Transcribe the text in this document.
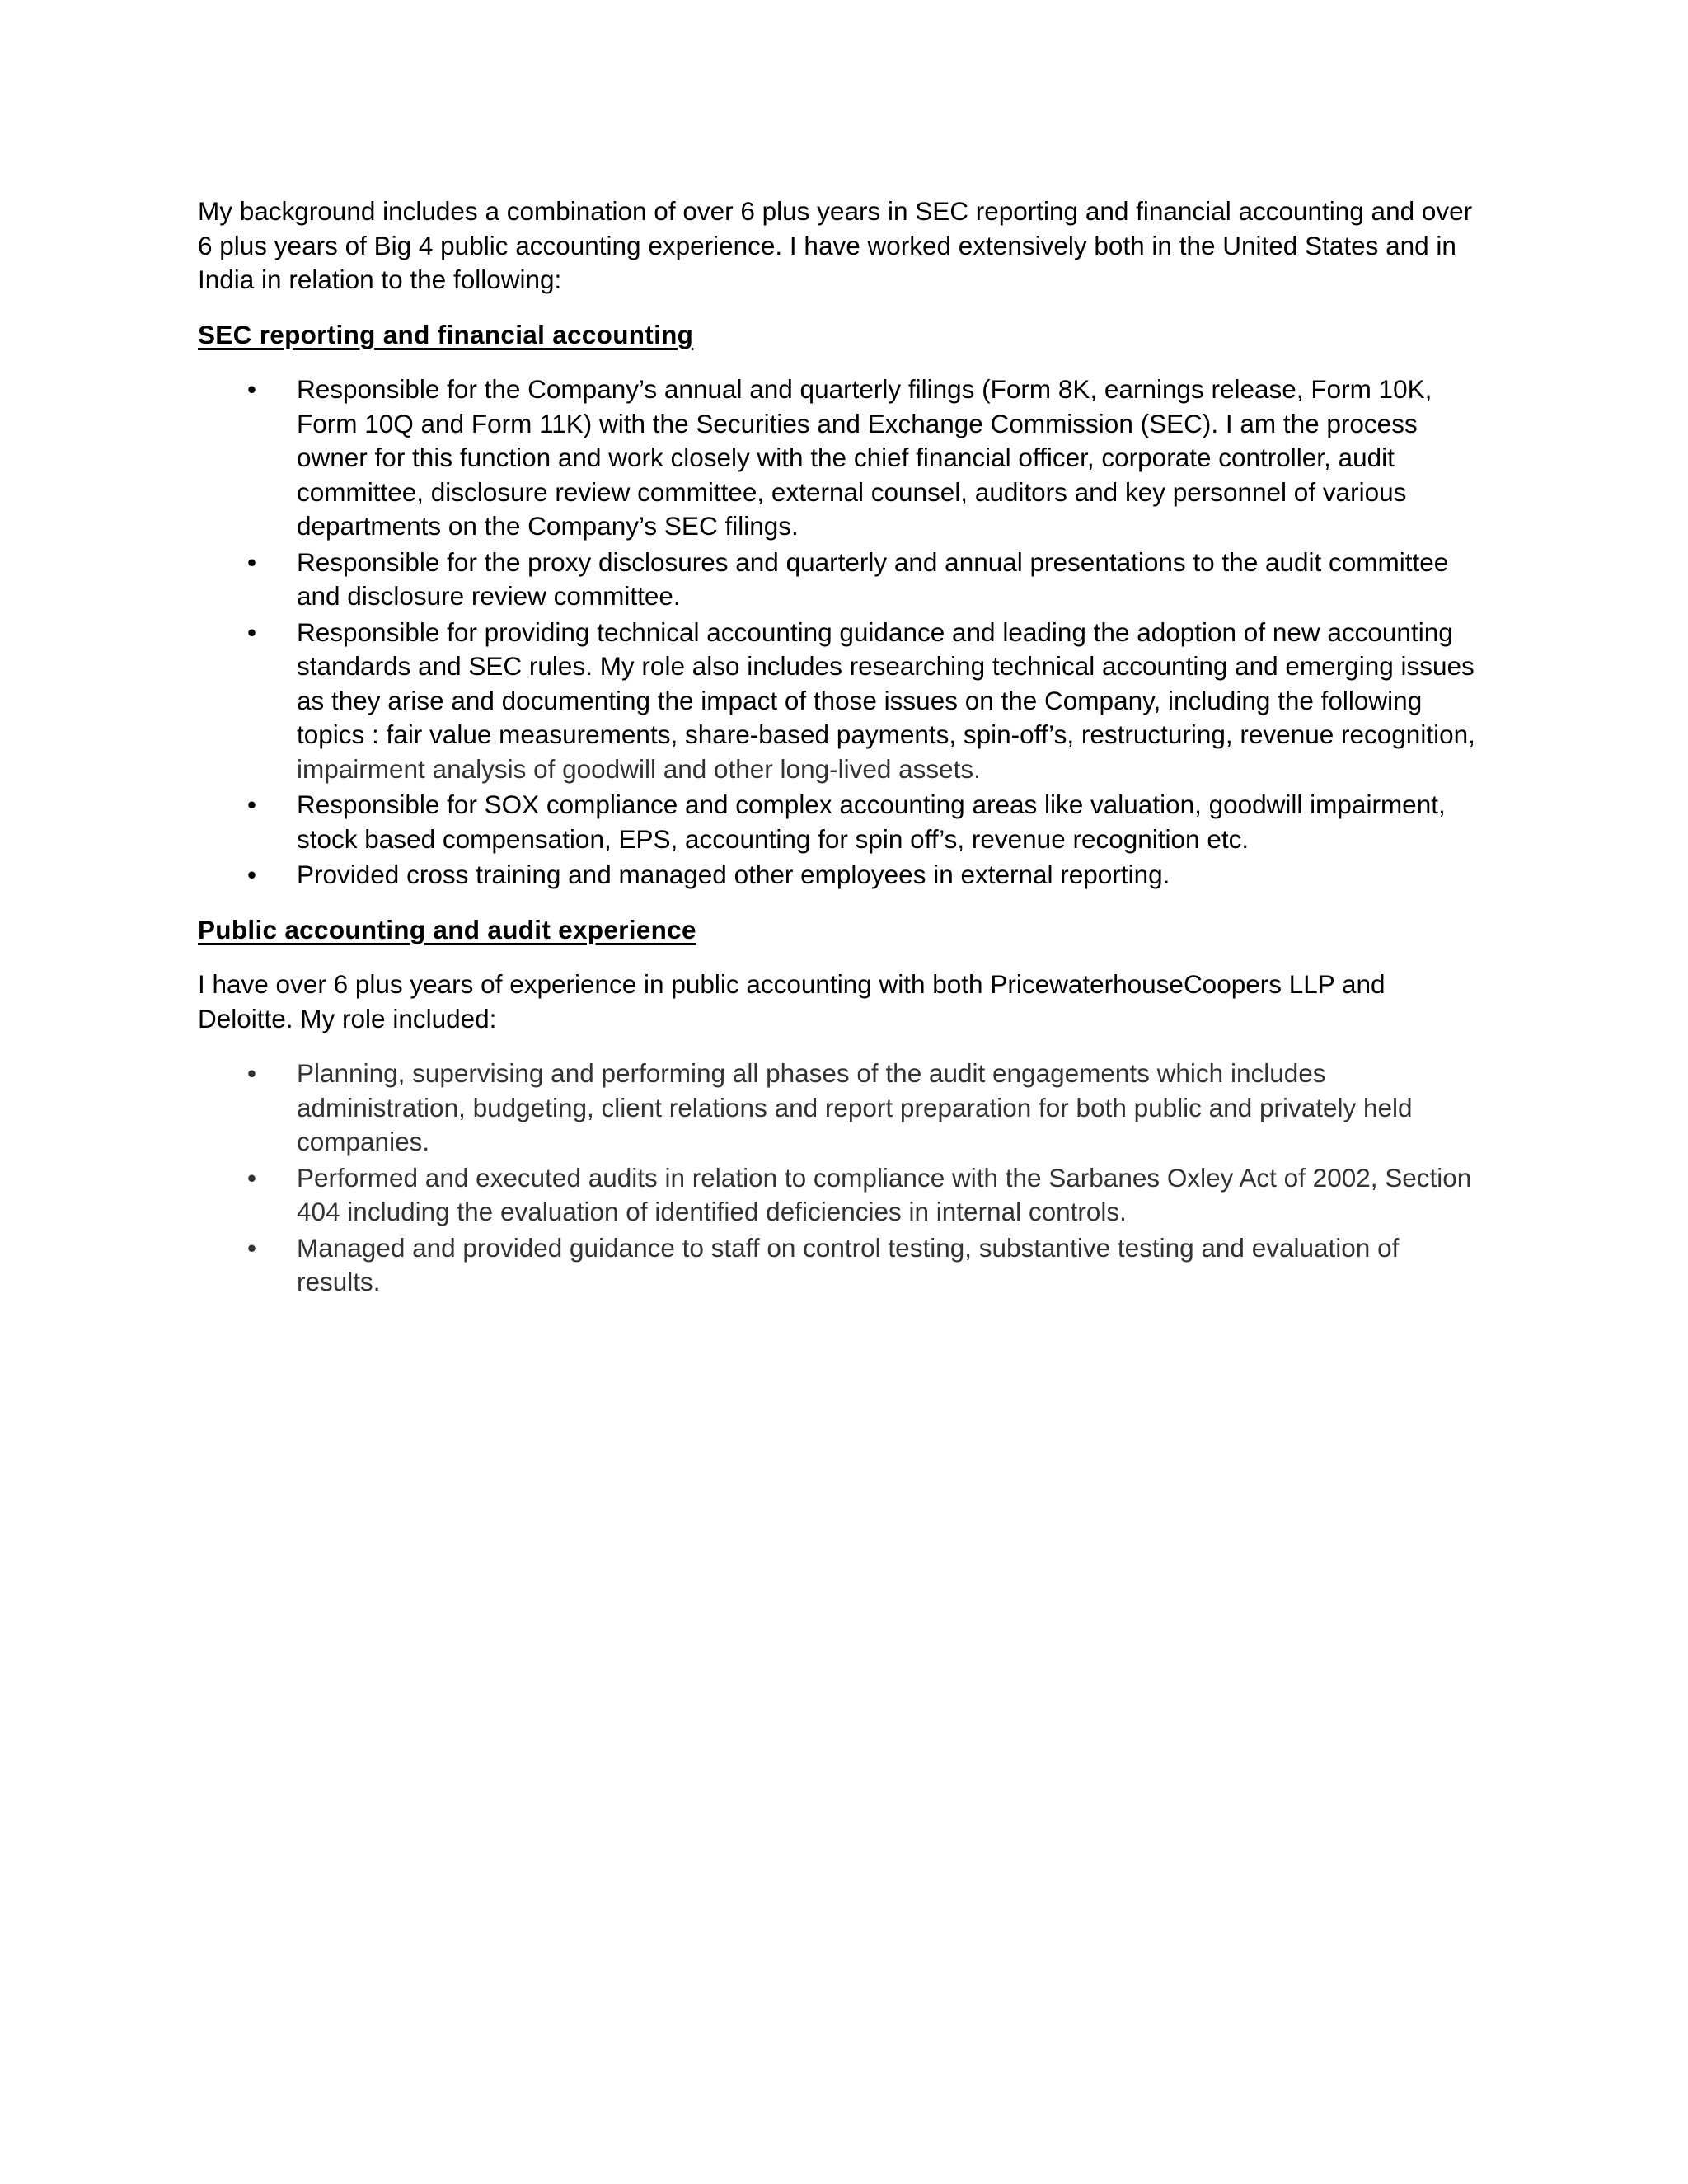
My background includes a combination of over 6 plus years in SEC reporting and financial accounting and over 6 plus years of Big 4 public accounting experience. I have worked extensively both in the United States and in India in relation to the following:

SEC reporting and financial accounting

• Responsible for the Company’s annual and quarterly filings (Form 8K, earnings release, Form 10K, Form 10Q and Form 11K) with the Securities and Exchange Commission (SEC). I am the process owner for this function and work closely with the chief financial officer, corporate controller, audit committee, disclosure review committee, external counsel, auditors and key personnel of various departments on the Company’s SEC filings.
• Responsible for the proxy disclosures and quarterly and annual presentations to the audit committee and disclosure review committee.
• Responsible for providing technical accounting guidance and leading the adoption of new accounting standards and SEC rules. My role also includes researching technical accounting and emerging issues as they arise and documenting the impact of those issues on the Company, including the following topics : fair value measurements, share-based payments, spin-off’s, restructuring, revenue recognition, impairment analysis of goodwill and other long-lived assets.
• Responsible for SOX compliance and complex accounting areas like valuation, goodwill impairment, stock based compensation, EPS, accounting for spin off’s, revenue recognition etc.
• Provided cross training and managed other employees in external reporting.

Public accounting and audit experience

I have over 6 plus years of experience in public accounting with both PricewaterhouseCoopers LLP and Deloitte. My role included:

• Planning, supervising and performing all phases of the audit engagements which includes administration, budgeting, client relations and report preparation for both public and privately held companies.
• Performed and executed audits in relation to compliance with the Sarbanes Oxley Act of 2002, Section 404 including the evaluation of identified deficiencies in internal controls.
• Managed and provided guidance to staff on control testing, substantive testing and evaluation of results.
